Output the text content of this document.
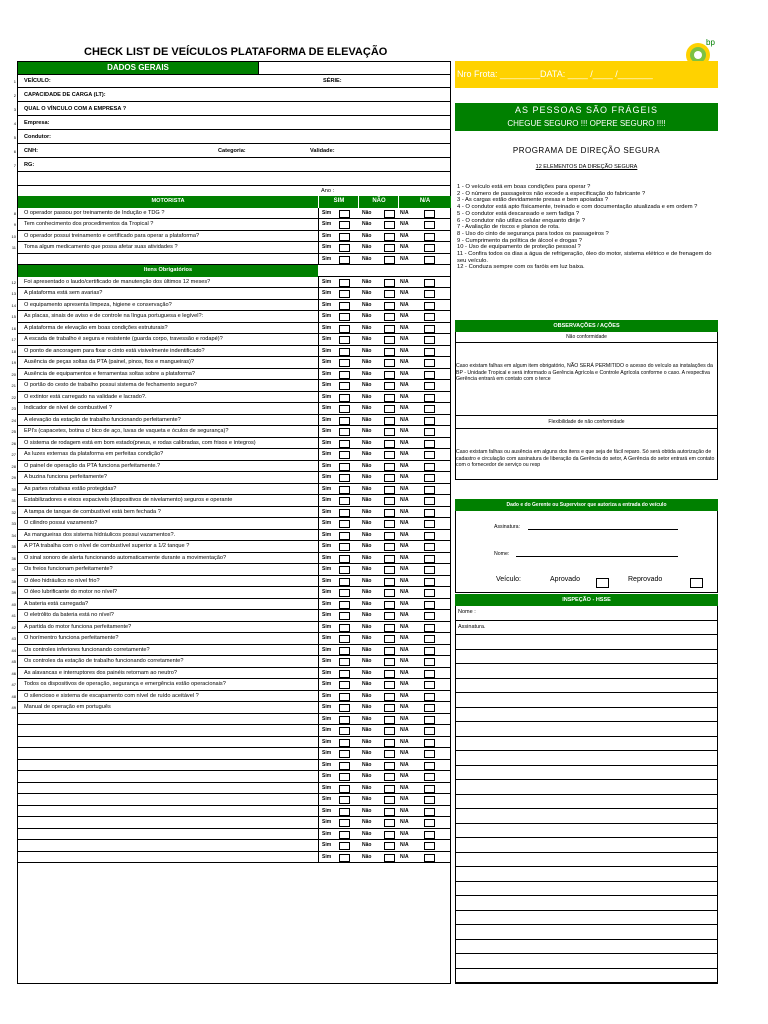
CHECK LIST DE VEÍCULOS PLATAFORMA DE ELEVAÇÃO
bp
DADOS GERAIS
1 VEÍCULO:	SÉRIE:
2 CAPACIDADE DE CARGA (LT):
3 QUAL O VÍNCULO COM A EMPRESA ?
4 Empresa:
5 Condutor:
6 CNH:	Categoria:	Validade:
7 RG:
Ano :
MOTORISTA	SIM	NÃO	N/A
8 O operador passou por treinamento de Indução e TDG ?	Sim	Não	N/A
9 Tem conhecimento dos procedimentos da Tropical ?	Sim	Não	N/A
10 O operador possui treinamento e certificado para operar a plataforma?	Sim	Não	N/A
11 Toma algum medicamento que possa afetar suas atividades ?	Sim	Não	N/A
Sim	Não	N/A
Itens Obrigatórios
12 Foi apresentado o laudo/certificado de manutenção dos últimos 12 meses?	Sim	Não	N/A
13 A plataforma está sem avarias?	Sim	Não	N/A
14 O equipamento apresenta limpeza, higiene e conservação?	Sim	Não	N/A
15 As placas, sinais de aviso e de controle na língua portuguesa e legível?:	Sim	Não	N/A
16 A plataforma de elevação em boas condições estruturais?	Sim	Não	N/A
17 A escada de trabalho é segura e resistente (guarda corpo, travessão e rodapé)?	Sim	Não	N/A
18 O ponto de ancoragem para fixar o cinto está visivelmente indentificado?	Sim	Não	N/A
19 Ausência de peças soltas da PTA (painel, pinos, fios e mangueiras)?	Sim	Não	N/A
20 Ausência de equipamentos e ferramentas soltas sobre a plataforma?	Sim	Não	N/A
21 O portão do cesto de trabalho possui sistema de fechamento seguro?	Sim	Não	N/A
22 O extintor está carregado na validade e lacrado?.	Sim	Não	N/A
23 Indicador de nível de combustível ?	Sim	Não	N/A
24 A elevação da estação de trabalho funcionando perfeitamente?	Sim	Não	N/A
25 EPI's (capacetes, botina c/ bico de aço, luvas de vaqueta e óculos de segurança)?	Sim	Não	N/A
26 O sistema de rodagem está em bom estado(pneus, e rodas calibradas, com frisos e íntegros)	Sim	Não	N/A
27 As luzes externas da plataforma em perfeitas condição?	Sim	Não	N/A
28 O painel de operação da PTA funciona perfeitamente.?	Sim	Não	N/A
29 A buzina funciona perfeitamente?	Sim	Não	N/A
30 As partes rotativas estão protegidas?	Sim	Não	N/A
31 Estabilizadores e eixos espacivels (dispositivos de nivelamento) seguros e operante	Sim	Não	N/A
32 A tampa de tanque de combustível está bem fechada ?	Sim	Não	N/A
33 O cilindro possui vazamento?	Sim	Não	N/A
34 As mangueiras dos sistema hidráulicos possui vazamentos?.	Sim	Não	N/A
35 A PTA trabalha com o nível de combustível superior a 1/2 tanque ?	Sim	Não	N/A
36 O sinal sonoro de alerta funcionando automaticamente durante a movimentação?	Sim	Não	N/A
37 Os freios funcionam perfeitamente?	Sim	Não	N/A
38 O óleo hidráulico no nível frio?	Sim	Não	N/A
39 O óleo lubrificante do motor no nível?	Sim	Não	N/A
40 A bateria está carregada?	Sim	Não	N/A
41 O eletrólito da bateria está no nível?	Sim	Não	N/A
42 A partida do motor funciona perfeitamente?	Sim	Não	N/A
43 O horímentro funciona perfeitamente?	Sim	Não	N/A
44 Os controles inferiores funcionando corretamente?	Sim	Não	N/A
45 Os controles da estação de trabalho funcionando corretamente?	Sim	Não	N/A
46 As alavancas e interruptores dos painéis retornam ao neutro?	Sim	Não	N/A
47 Todos os dispositivos de operação, segurança e emergência estão operacionais?	Sim	Não	N/A
48 O silencioso e sistema de escapamento com nível de ruído aceitável ?	Sim	Não	N/A
49 Manual de operação em português	Sim	Não	N/A
Sim	Não	N/A
Sim	Não	N/A
Sim	Não	N/A
Sim	Não	N/A
Sim	Não	N/A
Sim	Não	N/A
Sim	Não	N/A
Sim	Não	N/A
Sim	Não	N/A
Sim	Não	N/A
Sim	Não	N/A
Sim	Não	N/A
Sim	Não	N/A
Nro Frota: ________DATA: ____ /____ /_______
AS PESSOAS SÃO FRÁGEIS
CHEGUE SEGURO !!! OPERE SEGURO !!!!
PROGRAMA DE DIREÇÃO SEGURA
12 ELEMENTOS DA DIREÇÃO SEGURA
1 - O veículo está em boas condições para operar ?
2 - O número de passageiros não excede a especificação do fabricante ?
3 - As cargas estão devidamente presas e bem apoiadas ?
4 - O condutor está apto físicamente, treinado e com documentação atualizada e em ordem ?
5 - O condutor está descansado e sem fadiga ?
6 - O condutor não utiliza celular enquanto dirije ?
7 - Avaliação de riscos e planos de rota.
8 - Uso do cinto de segurança para todos os passageiros ?
9 - Cumprimento da política de álcool e drogas ?
10 - Uso de equipamento de proteção pessoal ?
11 - Confira todos os dias a água de refrigeração, óleo do motor, sistema elétrico e de frenagem do seu veículo.
12 - Conduza sempre com os faróis em luz baixa.
OBSERVAÇÕES / AÇÕES
Não conformidade
Caso existam falhas em algum item obrigatório, NÃO SERÁ PERMITIDO o acesso do veículo as instalações da BP - Unidade Tropical e será informado a Gerência Agrícola e Controle Agrícola conforme o caso. A respectiva Gerência entrará em contato com o terce
Flexibilidade de não conformidade
Caso existam falhas ou ausência em alguns dos itens e que seja de fácil reparo. Só será obtida autorização de cadastro e circulação com assinatura de liberação da Gerência do setor, A Gerência do setor entrará em contato com o fornecedor de serviço ou resp
Dado e do Gerente ou Supervisor que autoriza a entrada do veículo
Assinatura:
Nome:
Veículo:	Aprovado	Reprovado
INSPEÇÃO - HSSE
Nome :
Assinatura.
